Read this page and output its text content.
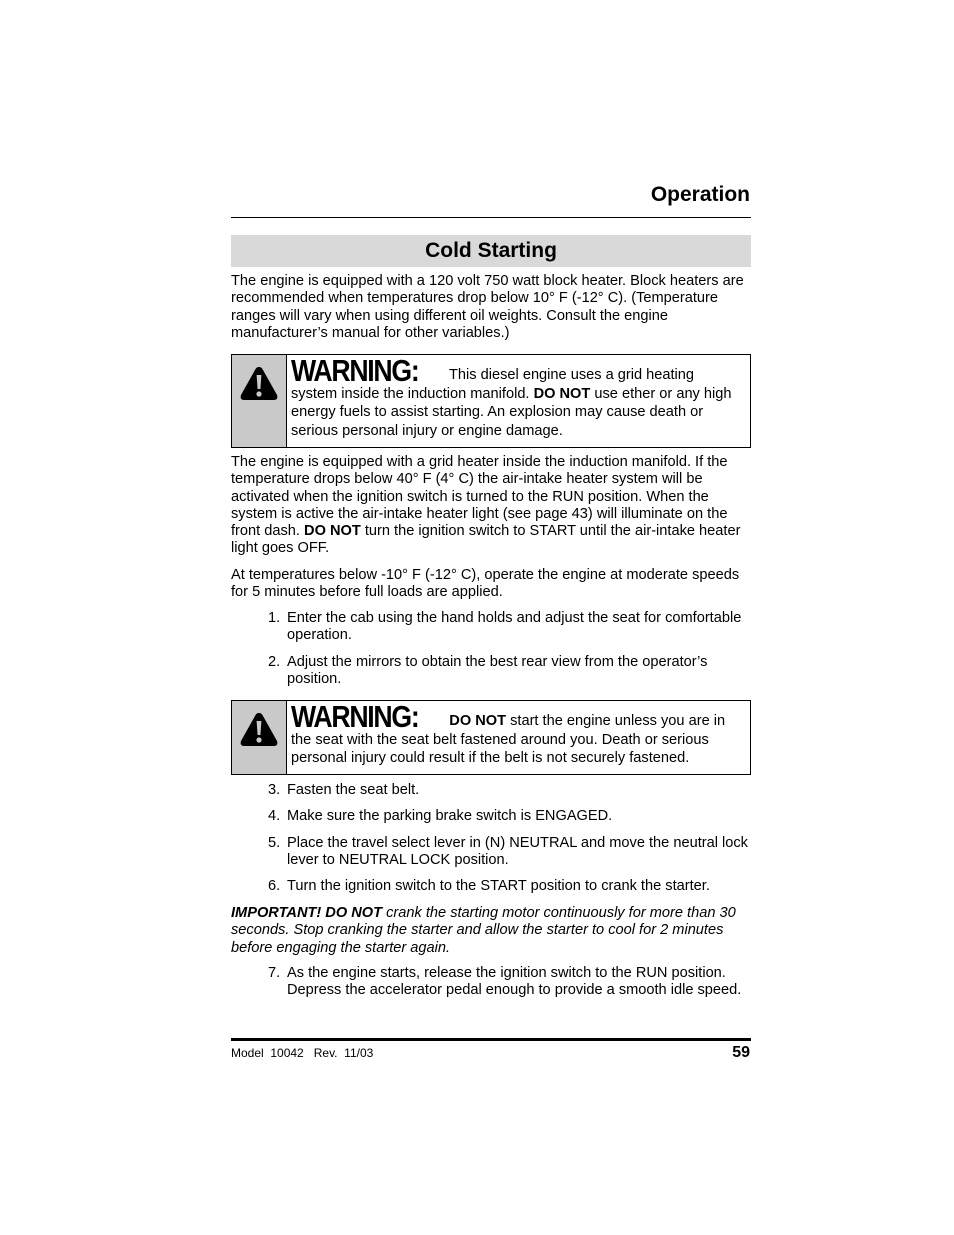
Operation
Cold Starting

The engine is equipped with a 120 volt 750 watt block heater. Block heaters are recommended when temperatures drop below 10° F (-12° C). (Temperature ranges will vary when using different oil weights. Consult the engine manufacturer’s manual for other variables.)

WARNING: This diesel engine uses a grid heating system inside the induction manifold. DO NOT use ether or any high energy fuels to assist starting. An explosion may cause death or serious personal injury or engine damage.

The engine is equipped with a grid heater inside the induction manifold. If the temperature drops below 40° F (4° C) the air-intake heater system will be activated when the ignition switch is turned to the RUN position. When the system is active the air-intake heater light (see page 43) will illuminate on the front dash. DO NOT turn the ignition switch to START until the air-intake heater light goes OFF.

At temperatures below -10° F (-12° C), operate the engine at moderate speeds for 5 minutes before full loads are applied.

1. Enter the cab using the hand holds and adjust the seat for comfortable operation.
2. Adjust the mirrors to obtain the best rear view from the operator’s position.
WARNING: DO NOT start the engine unless you are in the seat with the seat belt fastened around you. Death or serious personal injury could result if the belt is not securely fastened.
3. Fasten the seat belt.
4. Make sure the parking brake switch is ENGAGED.
5. Place the travel select lever in (N) NEUTRAL and move the neutral lock lever to NEUTRAL LOCK position.
6. Turn the ignition switch to the START position to crank the starter.
IMPORTANT! DO NOT crank the starting motor continuously for more than 30 seconds. Stop cranking the starter and allow the starter to cool for 2 minutes before engaging the starter again.
7. As the engine starts, release the ignition switch to the RUN position. Depress the accelerator pedal enough to provide a smooth idle speed.
Model  10042   Rev.  11/03	59
